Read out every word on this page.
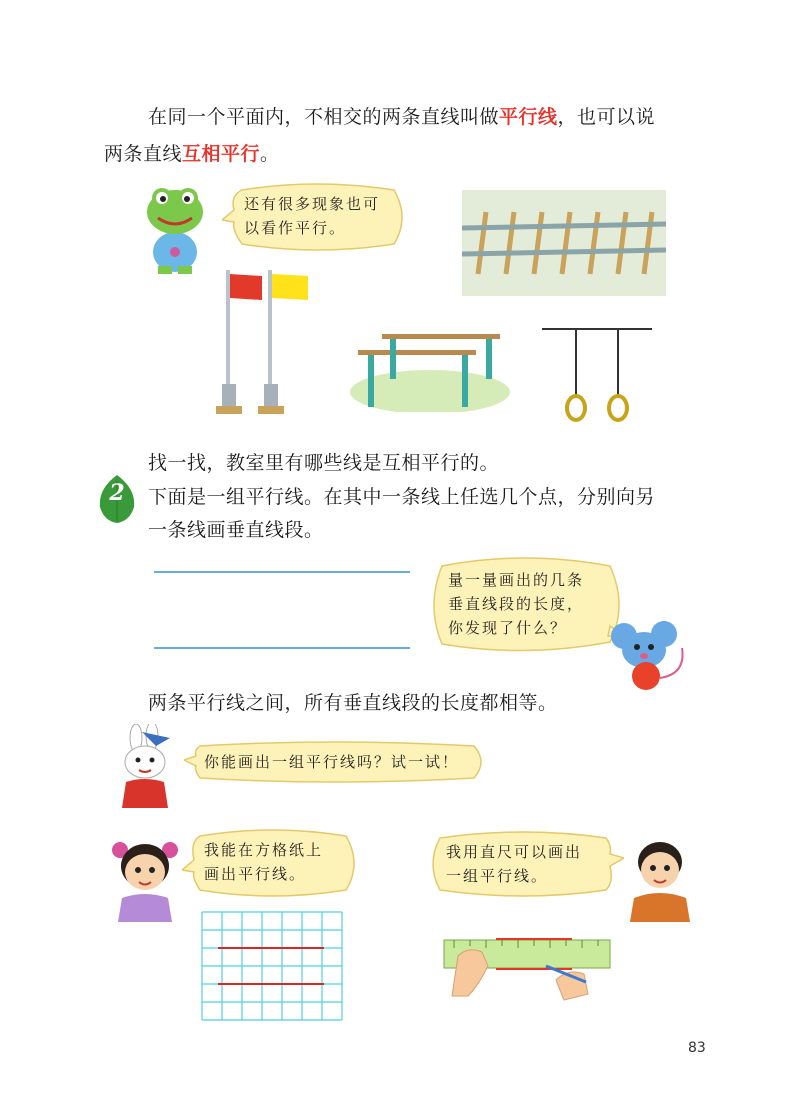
在同一个平面内，不相交的两条直线叫做平行线，也可以说
两条直线互相平行。
还有很多现象也可
以看作平行。
找一找，教室里有哪些线是互相平行的。
2	下面是一组平行线。在其中一条线上任选几个点，分别向另
一条线画垂直线段。
量一量画出的几条
垂直线段的长度，
你发现了什么？
两条平行线之间，所有垂直线段的长度都相等。
你能画出一组平行线吗？试一试！
我能在方格纸上
画出平行线。
我用直尺可以画出
一组平行线。
83
